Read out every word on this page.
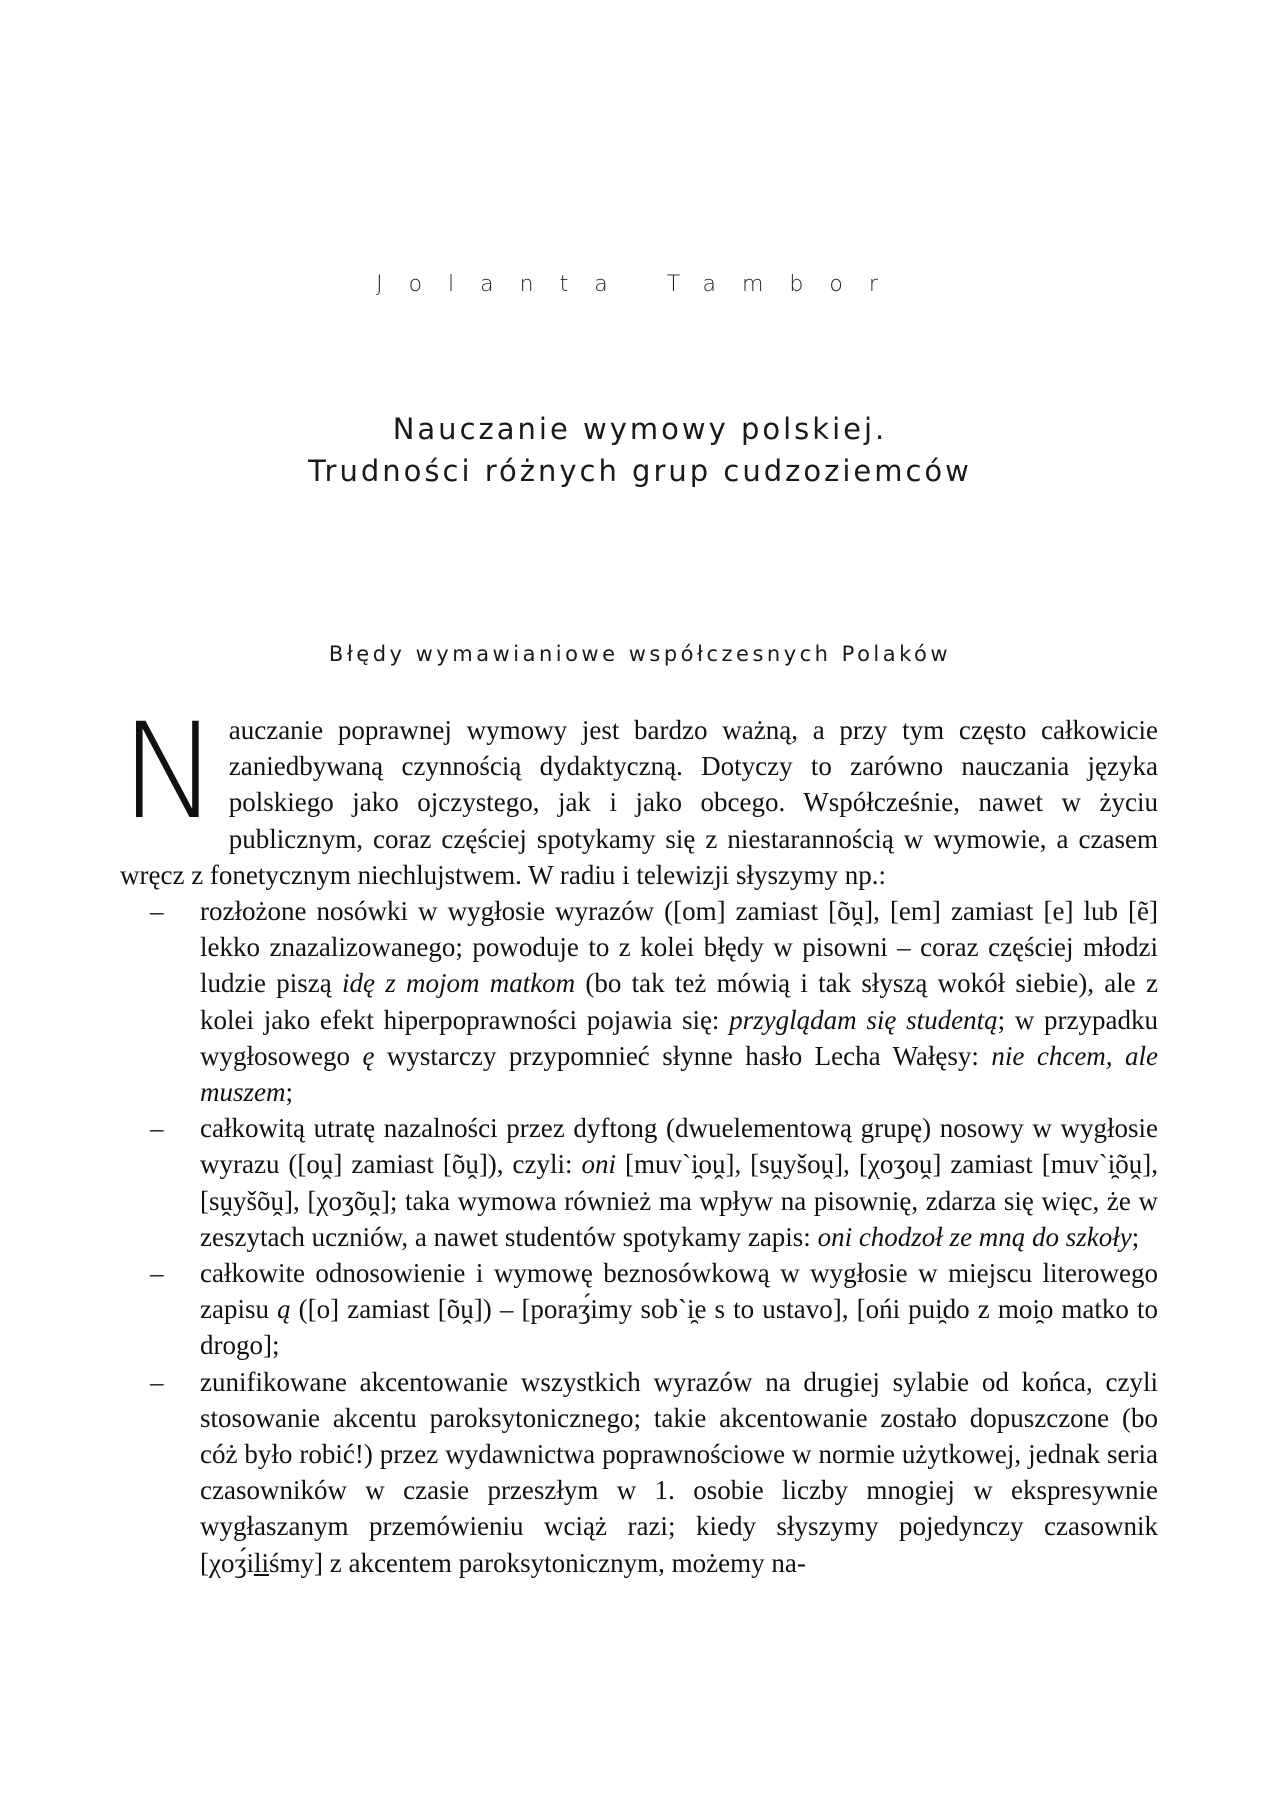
Jolanta Tambor
Nauczanie wymowy polskiej.
Trudności różnych grup cudzoziemców
Błędy wymawianiowe współczesnych Polaków

Nauczanie poprawnej wymowy jest bardzo ważną, a przy tym często całkowicie zaniedbywaną czynnością dydaktyczną. Dotyczy to zarówno nauczania języka polskiego jako ojczystego, jak i jako obcego. Współcześnie, nawet w życiu publicznym, coraz częściej spotykamy się z niestarannością w wymowie, a czasem wręcz z fonetycznym niechlujstwem. W radiu i telewizji słyszymy np.:

– rozłożone nosówki w wygłosie wyrazów ([om] zamiast [õṷ], [em] zamiast [e] lub [ẽ] lekko znazalizowanego; powoduje to z kolei błędy w pisowni – coraz częściej młodzi ludzie piszą idę z mojom matkom (bo tak też mówią i tak słyszą wokół siebie), ale z kolei jako efekt hiperpoprawności pojawia się: przyglądam się studentą; w przypadku wygłosowego ę wystarczy przypomnieć słynne hasło Lecha Wałęsy: nie chcem, ale muszem;
– całkowitą utratę nazalności przez dyftong (dwuelementową grupę) nosowy w wygłosie wyrazu ([oṷ] zamiast [õṷ]), czyli: oni [muv`i̯oṷ], [sṷyšoṷ], [χoʒoṷ] zamiast [muv`i̯õṷ], [sṷyšõṷ], [χoʒõṷ]; taka wymowa również ma wpływ na pisownię, zdarza się więc, że w zeszytach uczniów, a nawet studentów spotykamy zapis: oni chodzoł ze mną do szkoły;
– całkowite odnosowienie i wymowę beznosówkową w wygłosie w miejscu literowego zapisu ą ([o] zamiast [õṷ]) – [poraʒ́imy sob`i̯e s to ustavo], [ońi pui̯do z moi̯o matko to drogo];
– zunifikowane akcentowanie wszystkich wyrazów na drugiej sylabie od końca, czyli stosowanie akcentu paroksytonicznego; takie akcentowanie zostało dopuszczone (bo cóż było robić!) przez wydawnictwa poprawnościowe w normie użytkowej, jednak seria czasowników w czasie przeszłym w 1. osobie liczby mnogiej w ekspresywnie wygłaszanym przemówieniu wciąż razi; kiedy słyszymy pojedynczy czasownik [χoʒ́iliśmy] z akcentem paroksytonicznym, możemy na-
